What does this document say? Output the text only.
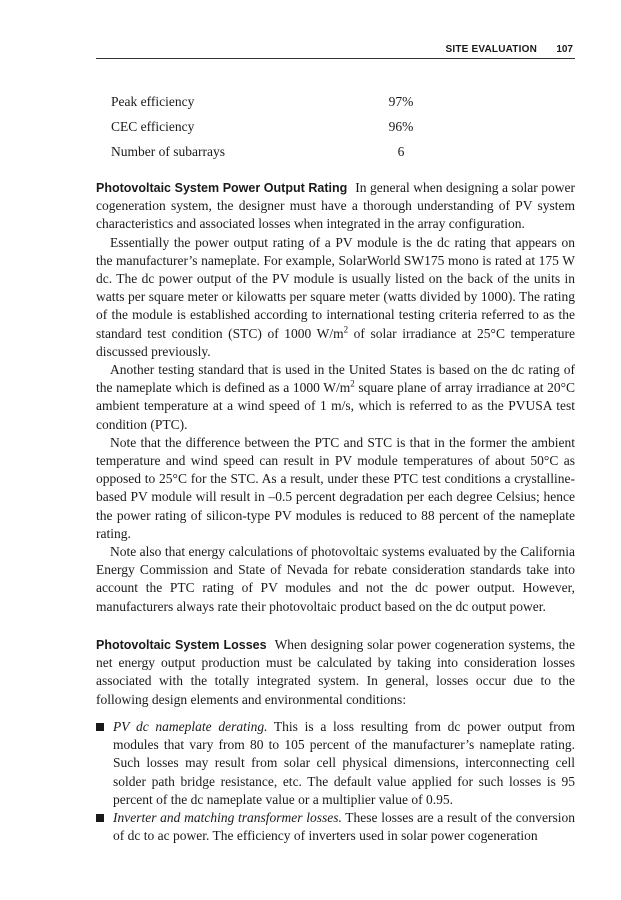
SITE EVALUATION 107
Peak efficiency	97%
CEC efficiency	96%
Number of subarrays	6

Photovoltaic System Power Output Rating In general when designing a solar power cogeneration system, the designer must have a thorough understanding of PV system characteristics and associated losses when integrated in the array configuration.

Essentially the power output rating of a PV module is the dc rating that appears on the manufacturer’s nameplate. For example, SolarWorld SW175 mono is rated at 175 W dc. The dc power output of the PV module is usually listed on the back of the units in watts per square meter or kilowatts per square meter (watts divided by 1000). The rating of the module is established according to international testing criteria referred to as the standard test condition (STC) of 1000 $W/m^2$ of solar irradiance at 25°C temperature discussed previously.

Another testing standard that is used in the United States is based on the dc rating of the nameplate which is defined as a 1000 $W/m^2$ square plane of array irradiance at 20°C ambient temperature at a wind speed of 1 m/s, which is referred to as the PVUSA test condition (PTC).

Note that the difference between the PTC and STC is that in the former the ambient temperature and wind speed can result in PV module temperatures of about 50°C as opposed to 25°C for the STC. As a result, under these PTC test conditions a crystalline-based PV module will result in –0.5 percent degradation per each degree Celsius; hence the power rating of silicon-type PV modules is reduced to 88 percent of the nameplate rating.

Note also that energy calculations of photovoltaic systems evaluated by the California Energy Commission and State of Nevada for rebate consideration standards take into account the PTC rating of PV modules and not the dc power output. However, manufacturers always rate their photovoltaic product based on the dc output power.

Photovoltaic System Losses When designing solar power cogeneration systems, the net energy output production must be calculated by taking into consideration losses associated with the totally integrated system. In general, losses occur due to the following design elements and environmental conditions:

PV dc nameplate derating. This is a loss resulting from dc power output from modules that vary from 80 to 105 percent of the manufacturer’s nameplate rating. Such losses may result from solar cell physical dimensions, interconnecting cell solder path bridge resistance, etc. The default value applied for such losses is 95 percent of the dc nameplate value or a multiplier value of 0.95.
Inverter and matching transformer losses. These losses are a result of the conversion of dc to ac power. The efficiency of inverters used in solar power cogeneration
